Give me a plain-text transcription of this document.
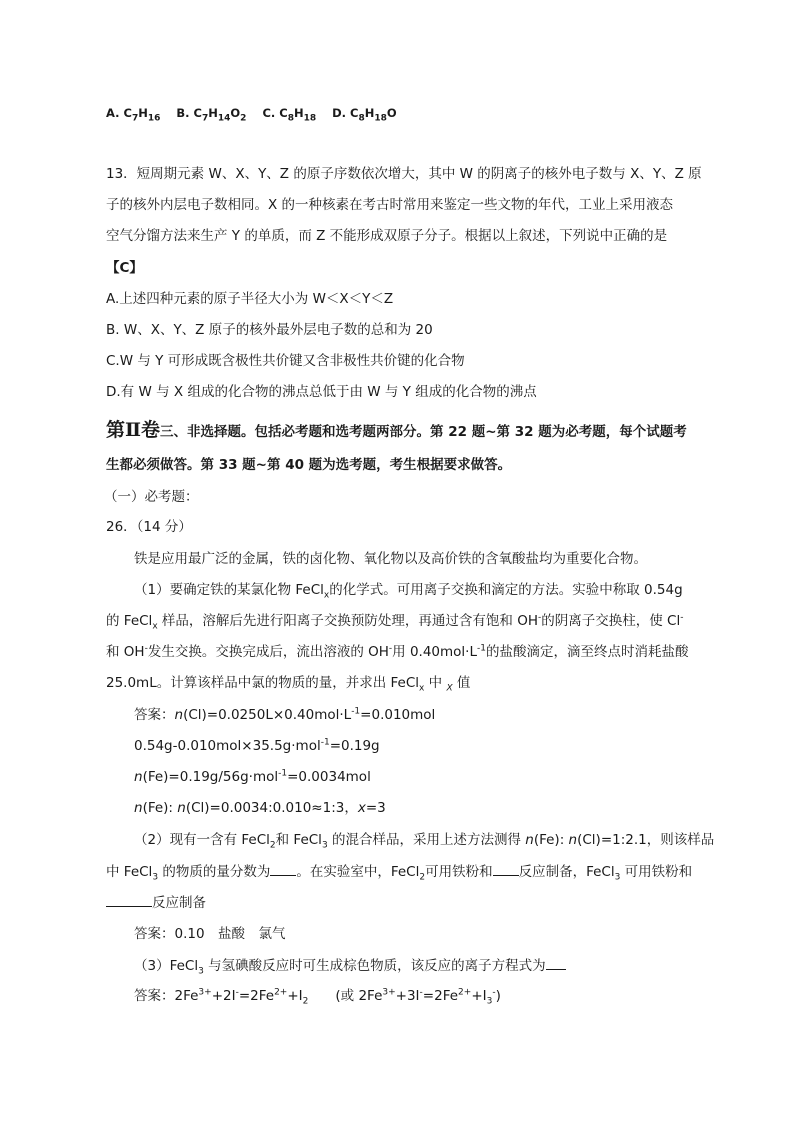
A. $C_7H_{16}$ B. $C_7H_{14}O_2$ C. $C_8H_{18}$ D. $C_8H_{18}O$
13．短周期元素 W、X、Y、Z 的原子序数依次增大，其中 W 的阴离子的核外电子数与 X、Y、Z 原
子的核外内层电子数相同。X 的一种核素在考古时常用来鉴定一些文物的年代，工业上采用液态
空气分馏方法来生产 Y 的单质，而 Z 不能形成双原子分子。根据以上叙述，下列说中正确的是
【C】
A.上述四种元素的原子半径大小为 W＜X＜Y＜Z
B. W、X、Y、Z 原子的核外最外层电子数的总和为 20
C.W 与 Y 可形成既含极性共价键又含非极性共价键的化合物
D.有 W 与 X 组成的化合物的沸点总低于由 W 与 Y 组成的化合物的沸点
第Ⅱ卷三、非选择题。包括必考题和选考题两部分。第 22 题~第 32 题为必考题，每个试题考
生都必须做答。第 33 题~第 40 题为选考题，考生根据要求做答。
（一）必考题：
26．（14 分）
铁是应用最广泛的金属，铁的卤化物、氧化物以及高价铁的含氧酸盐均为重要化合物。
（1）要确定铁的某氯化物 FeCl$_x$的化学式。可用离子交换和滴定的方法。实验中称取 0.54g
的 FeCl$_x$ 样品，溶解后先进行阳离子交换预防处理，再通过含有饱和 OH-的阴离子交换柱，使 Cl-
和 OH-发生交换。交换完成后，流出溶液的 OH-用 $0.40mol\cdot L^{-1}$的盐酸滴定，滴至终点时消耗盐酸
25.0mL。计算该样品中氯的物质的量，并求出 FeCl$_x$ 中 $_X$ 值
答案：$n(Cl)=0.0250L\times 0.40mol\cdot L^{-1}=0.010mol$
0.54g-0.010mol×35.5g·mol$^{-1}$=0.19g
n(Fe)=0.19g/56g·mol$^{-1}$=0.0034mol
n(Fe): n(Cl)=0.0034:0.010≈1:3，x=3
（2）现有一含有 FeCl$_2$和 FeCl$_3$ 的混合样品，采用上述方法测得 n(Fe): n(Cl)=1:2.1，则该样品
中 FeCl$_3$ 的物质的量分数为 。在实验室中，FeCl$_2$可用铁粉和 反应制备，FeCl$_3$ 可用铁粉和
反应制备
答案：0.10　盐酸　氯气
（3）FeCl$_3$ 与氢碘酸反应时可生成棕色物质，该反应的离子方程式为
答案：$2Fe^{3+}+2I^-=2Fe^{2+}+I_2$　　(或 $2Fe^{3+}+3I^-=2Fe^{2+}+I_3^-$)
